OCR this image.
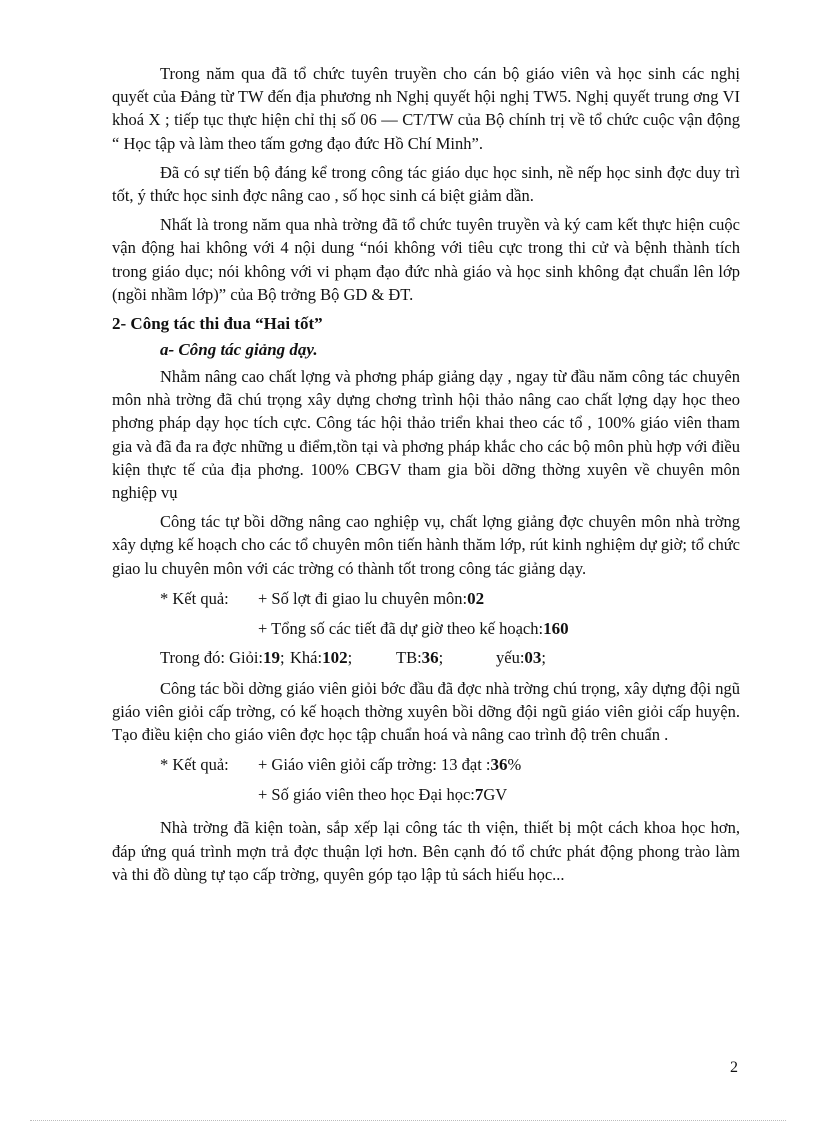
Trong năm qua đã tổ chức tuyên truyền cho cán bộ giáo viên và học sinh các nghị quyết của Đảng từ TW đến địa phương nh Nghị quyết hội nghị TW5. Nghị quyết trung ơng VI khoá X ; tiếp tục thực hiện chỉ thị số 06 — CT/TW của Bộ chính trị về tổ chức cuộc vận động “ Học tập và làm theo tấm gơng đạo đức Hồ Chí Minh”.

Đã có sự tiến bộ đáng kể trong công tác giáo dục học sinh, nề nếp học sinh đợc duy trì tốt, ý thức học sinh đợc nâng cao , số học sinh cá biệt giảm dần.

Nhất là trong năm qua nhà trờng đã tổ chức tuyên truyền và ký cam kết thực hiện cuộc vận động hai không với 4 nội dung “nói không với tiêu cực trong thi cử và bệnh thành tích trong giáo dục; nói không với vi phạm đạo đức nhà giáo và học sinh không đạt chuẩn lên lớp (ngồi nhầm lớp)” của Bộ trởng Bộ GD & ĐT.

2- Công tác thi đua “Hai tốt”
a- Công tác giảng dạy.

Nhằm nâng cao chất lợng và phơng pháp giảng dạy , ngay từ đầu năm công tác chuyên môn nhà trờng đã chú trọng xây dựng chơng trình hội thảo nâng cao chất lợng dạy học theo phơng pháp dạy học tích cực. Công tác hội thảo triển khai theo các tổ , 100% giáo viên tham gia và đã đa ra đợc những u điểm,tồn tại và phơng pháp khắc cho các bộ môn phù hợp với điều kiện thực tế của địa phơng. 100% CBGV tham gia bồi dỡng thờng xuyên về chuyên môn nghiệp vụ

Công tác tự bồi dỡng nâng cao nghiệp vụ, chất lợng giảng đợc chuyên môn nhà trờng xây dựng kế hoạch cho các tổ chuyên môn tiến hành thăm lớp, rút kinh nghiệm dự giờ; tổ chức giao lu chuyên môn với các trờng có thành tốt trong công tác giảng dạy.

* Kết quả: + Số lợt đi giao lu chuyên môn:02
+ Tổng số các tiết đã dự giờ theo kế hoạch:160
Trong đó: Giỏi:19; Khá:102;	TB:36;	yếu:03;

Công tác bồi dờng giáo viên giỏi bớc đầu đã đợc nhà trờng chú trọng, xây dựng đội ngũ giáo viên giỏi cấp trờng, có kế hoạch thờng xuyên bồi dỡng đội ngũ giáo viên giỏi cấp huyện. Tạo điều kiện cho giáo viên đợc học tập chuẩn hoá và nâng cao trình độ trên chuẩn .

* Kết quả: + Giáo viên giỏi cấp trờng: 13 đạt :36%
+ Số giáo viên theo học Đại học:7GV

Nhà trờng đã kiện toàn, sắp xếp lại công tác th viện, thiết bị một cách khoa học hơn, đáp ứng quá trình mợn trả đợc thuận lợi hơn. Bên cạnh đó tổ chức phát động phong trào làm và thi đồ dùng tự tạo cấp trờng, quyên góp tạo lập tủ sách hiếu học...

2
